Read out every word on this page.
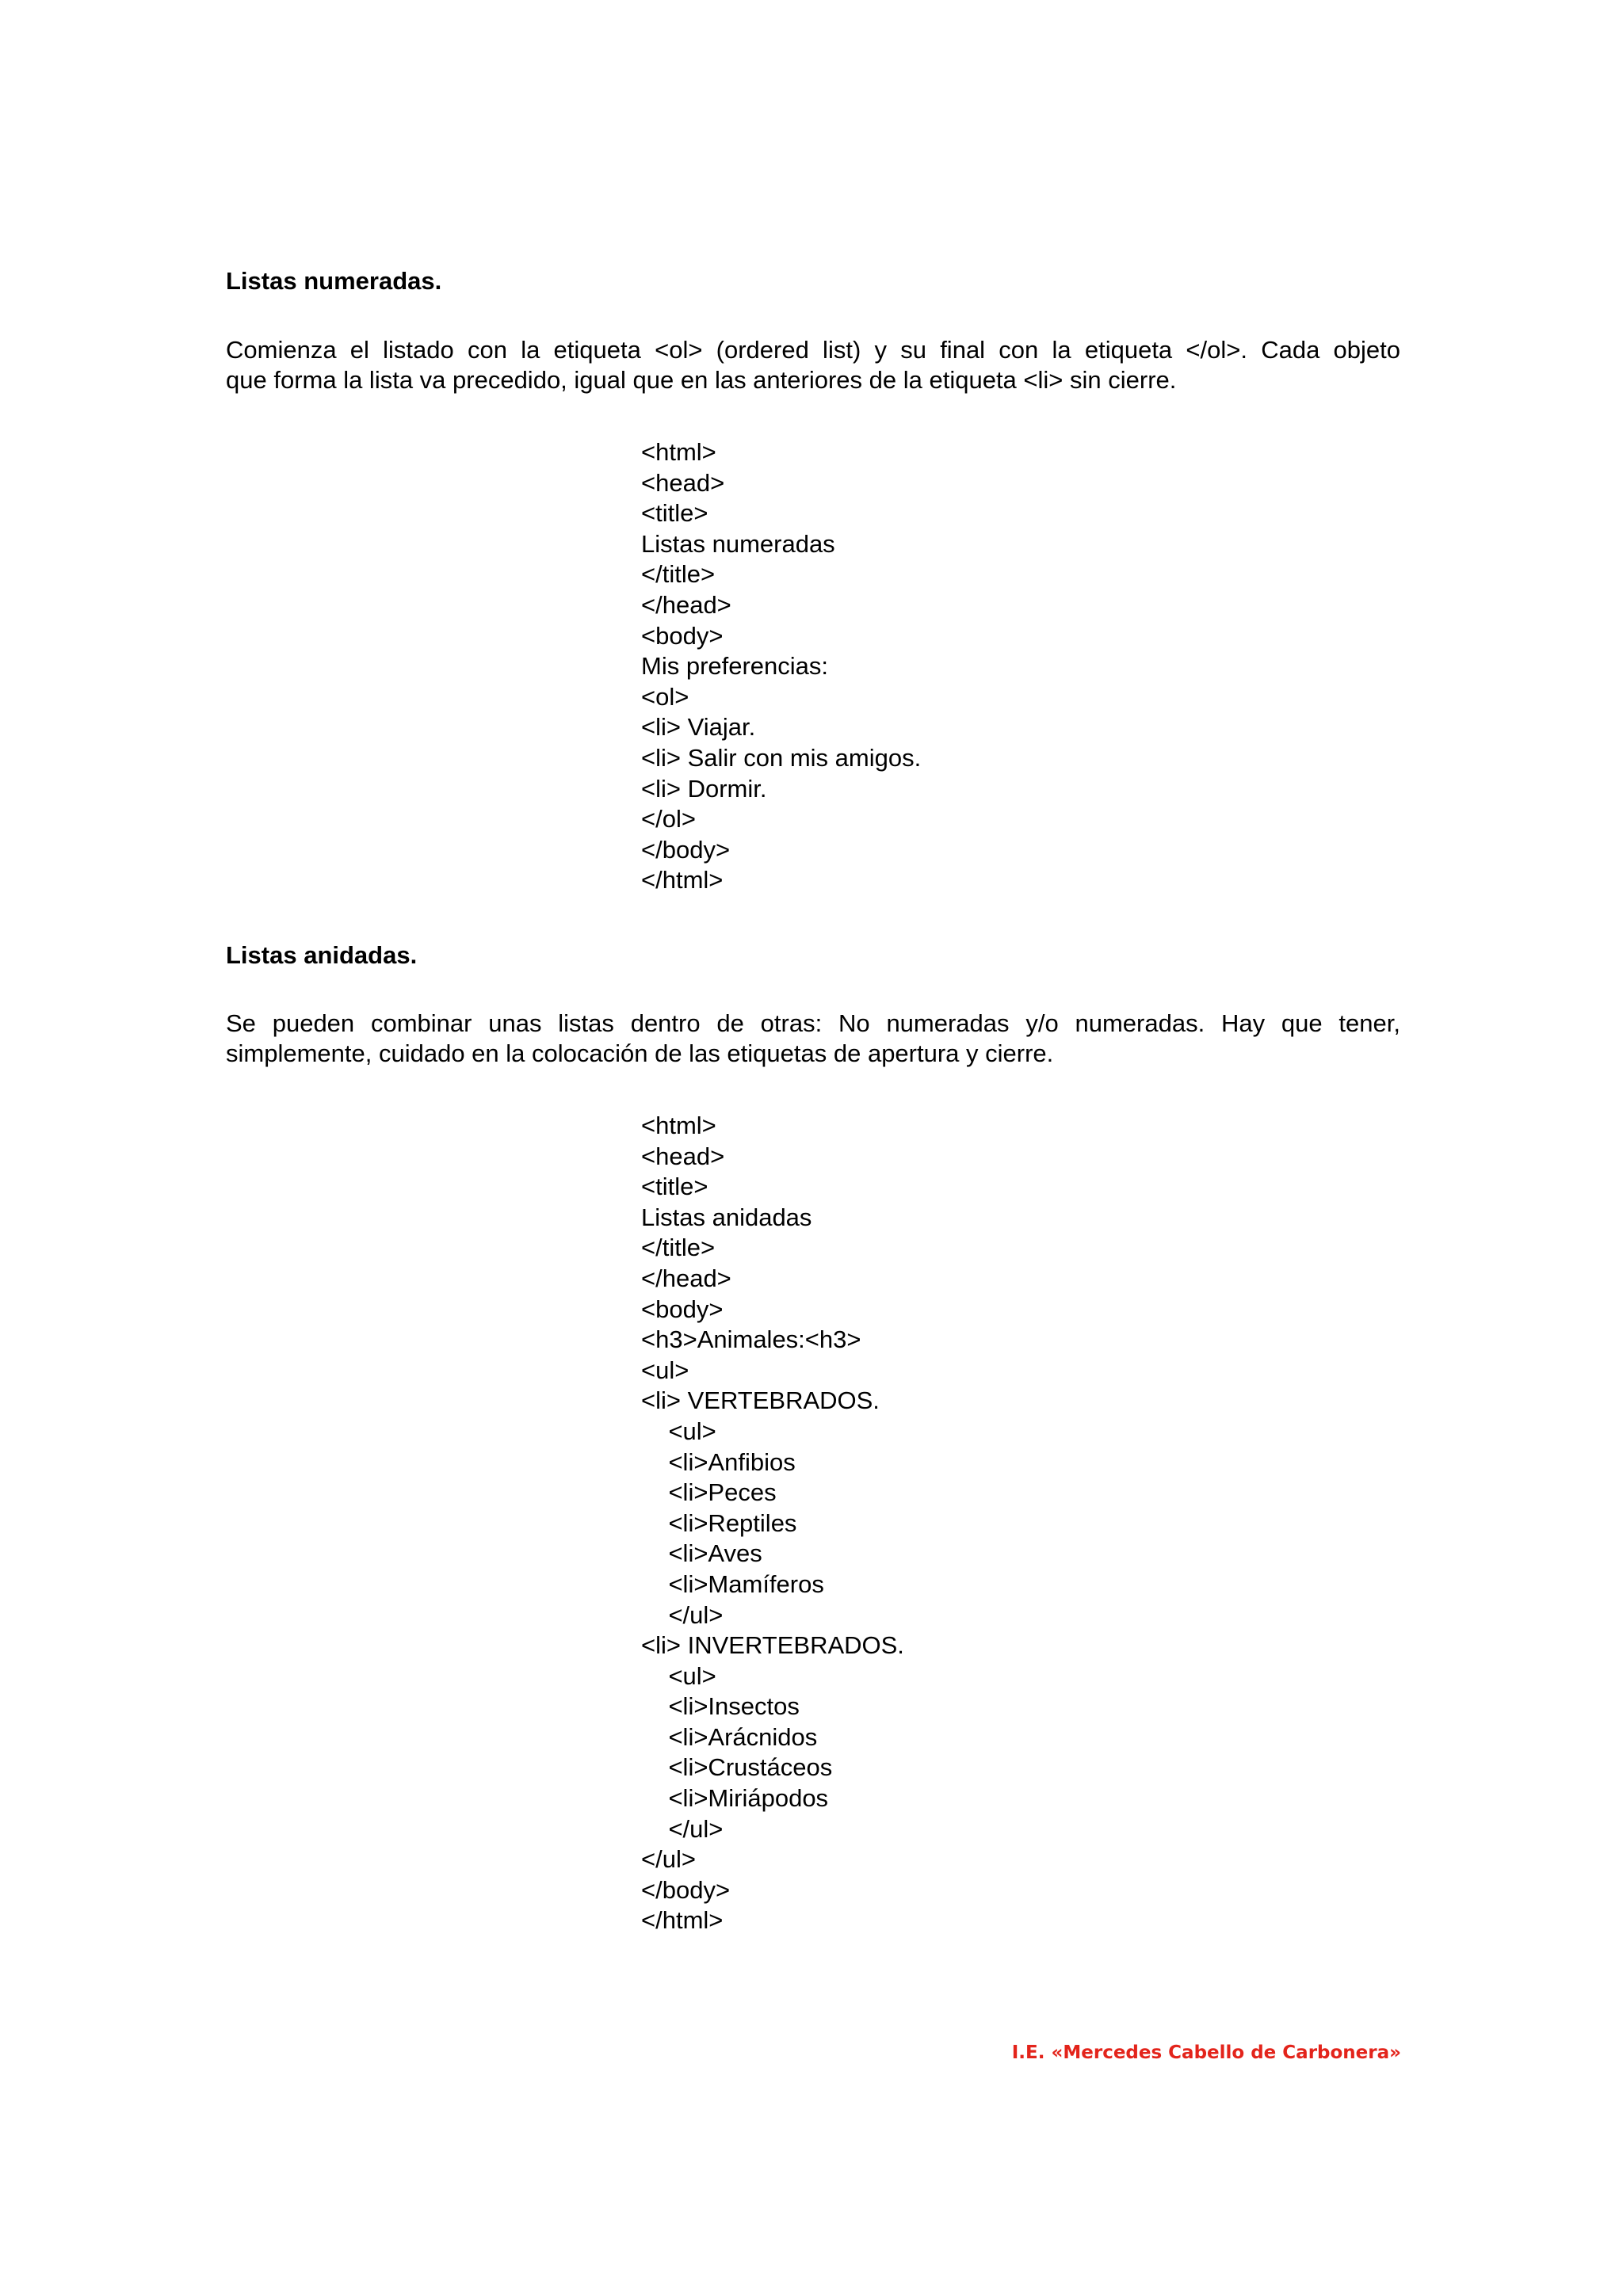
Listas numeradas.

Comienza el listado con la etiqueta <ol> (ordered list) y su final con la etiqueta </ol>. Cada objeto
que forma la lista va precedido, igual que en las anteriores de la etiqueta <li> sin cierre.

<html>
<head>
<title>
Listas numeradas
</title>
</head>
<body>
Mis preferencias:
<ol>
<li> Viajar.
<li> Salir con mis amigos.
<li> Dormir.
</ol>
</body>
</html>
Listas anidadas.

Se pueden combinar unas listas dentro de otras: No numeradas y/o numeradas. Hay que tener,
simplemente, cuidado en la colocación de las etiquetas de apertura y cierre.

<html>
<head>
<title>
Listas anidadas
</title>
</head>
<body>
<h3>Animales:<h3>
<ul>
<li> VERTEBRADOS.
<ul>
<li>Anfibios
<li>Peces
<li>Reptiles
<li>Aves
<li>Mamíferos
</ul>
<li> INVERTEBRADOS.
<ul>
<li>Insectos
<li>Arácnidos
<li>Crustáceos
<li>Miriápodos
</ul>
</ul>
</body>
</html>
I.E. «Mercedes Cabello de Carbonera»
